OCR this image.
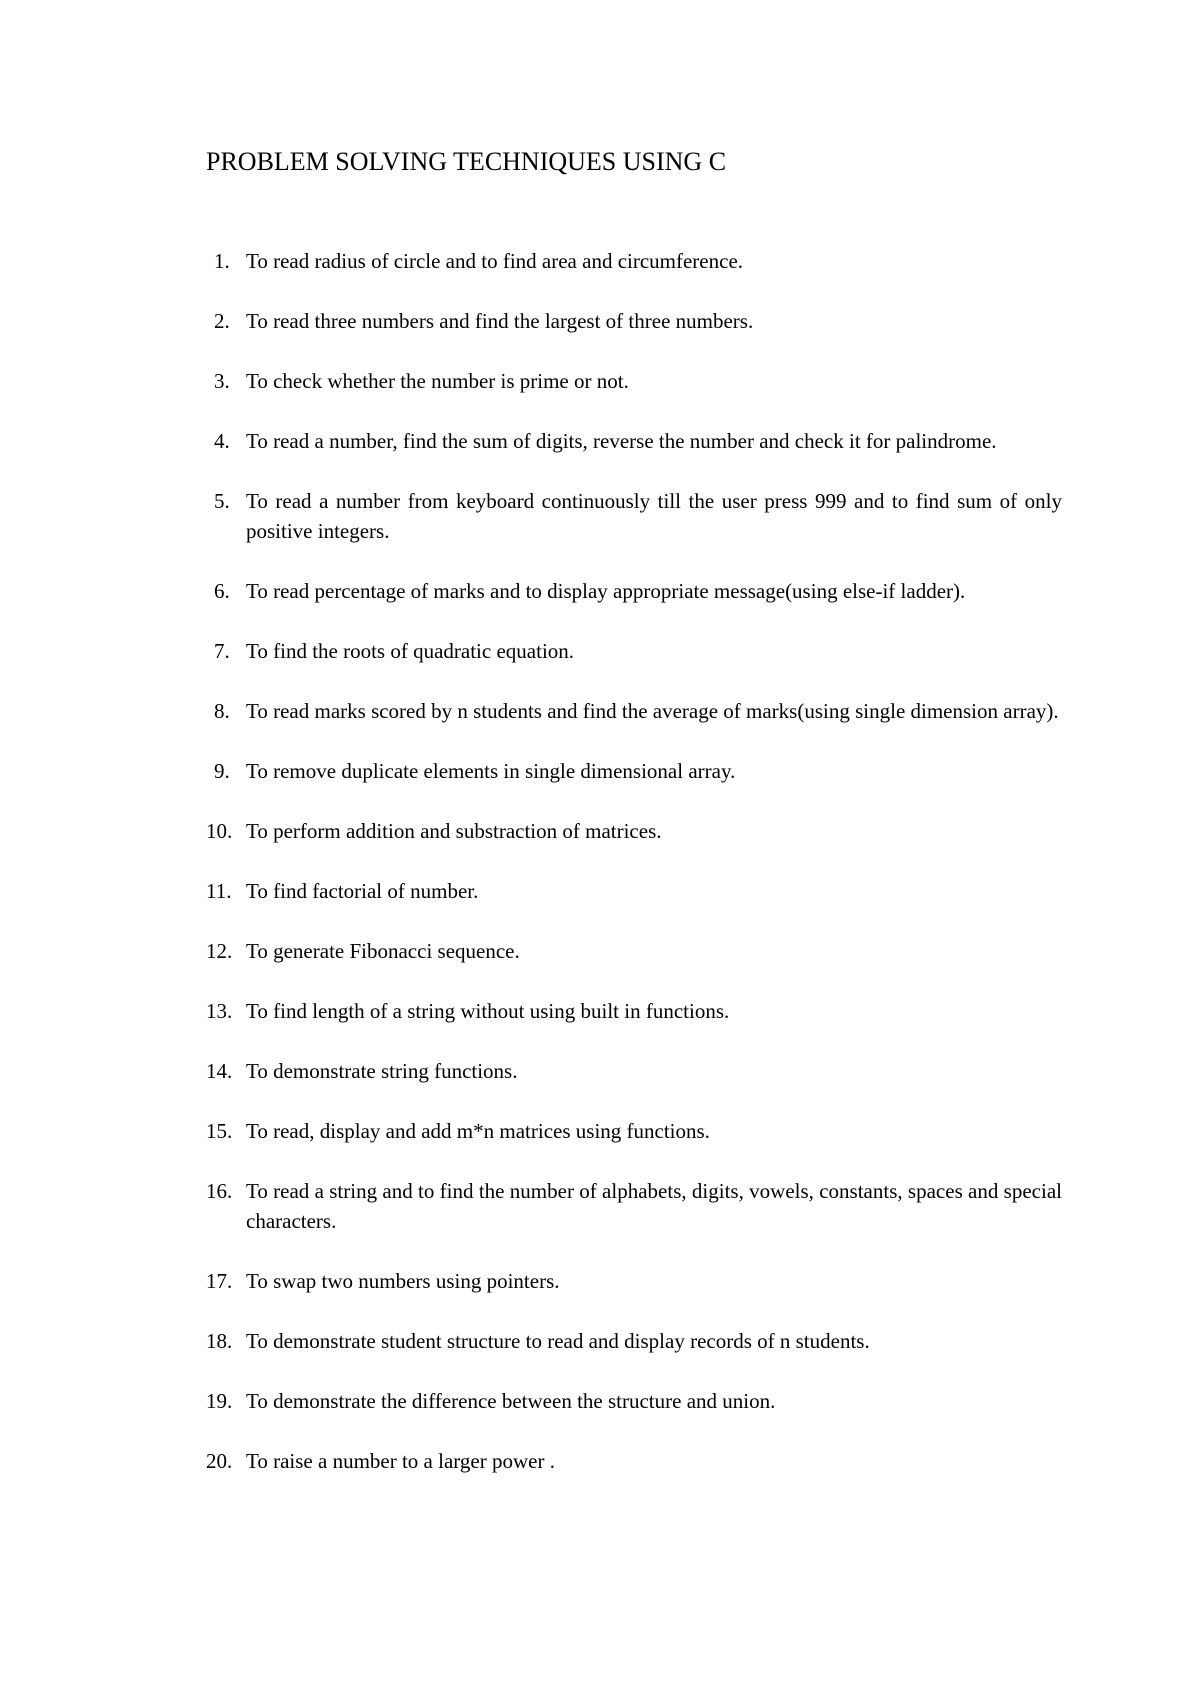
PROBLEM SOLVING TECHNIQUES USING C
1. To read radius of circle and to find area and circumference.
2. To read three numbers and find the largest of three numbers.
3. To check whether the number is prime or not.
4. To read a number, find the sum of digits, reverse the number and check it for palindrome.
5. To read a number from keyboard continuously till the user press 999 and to find sum of only positive integers.
6. To read percentage of marks and to display appropriate message(using else-if ladder).
7. To find the roots of quadratic equation.
8. To read marks scored by n students and find the average of marks(using single dimension array).
9. To remove duplicate elements in single dimensional array.
10. To perform addition and substraction of matrices.
11. To find factorial of number.
12. To generate Fibonacci sequence.
13. To find length of a string without using built in functions.
14. To demonstrate string functions.
15. To read, display and add m*n matrices using functions.
16. To read a string and to find the number of alphabets, digits, vowels, constants, spaces and special characters.
17. To swap two numbers using pointers.
18. To demonstrate student structure to read and display records of n students.
19. To demonstrate the difference between the structure and union.
20. To raise a number to a larger power .
